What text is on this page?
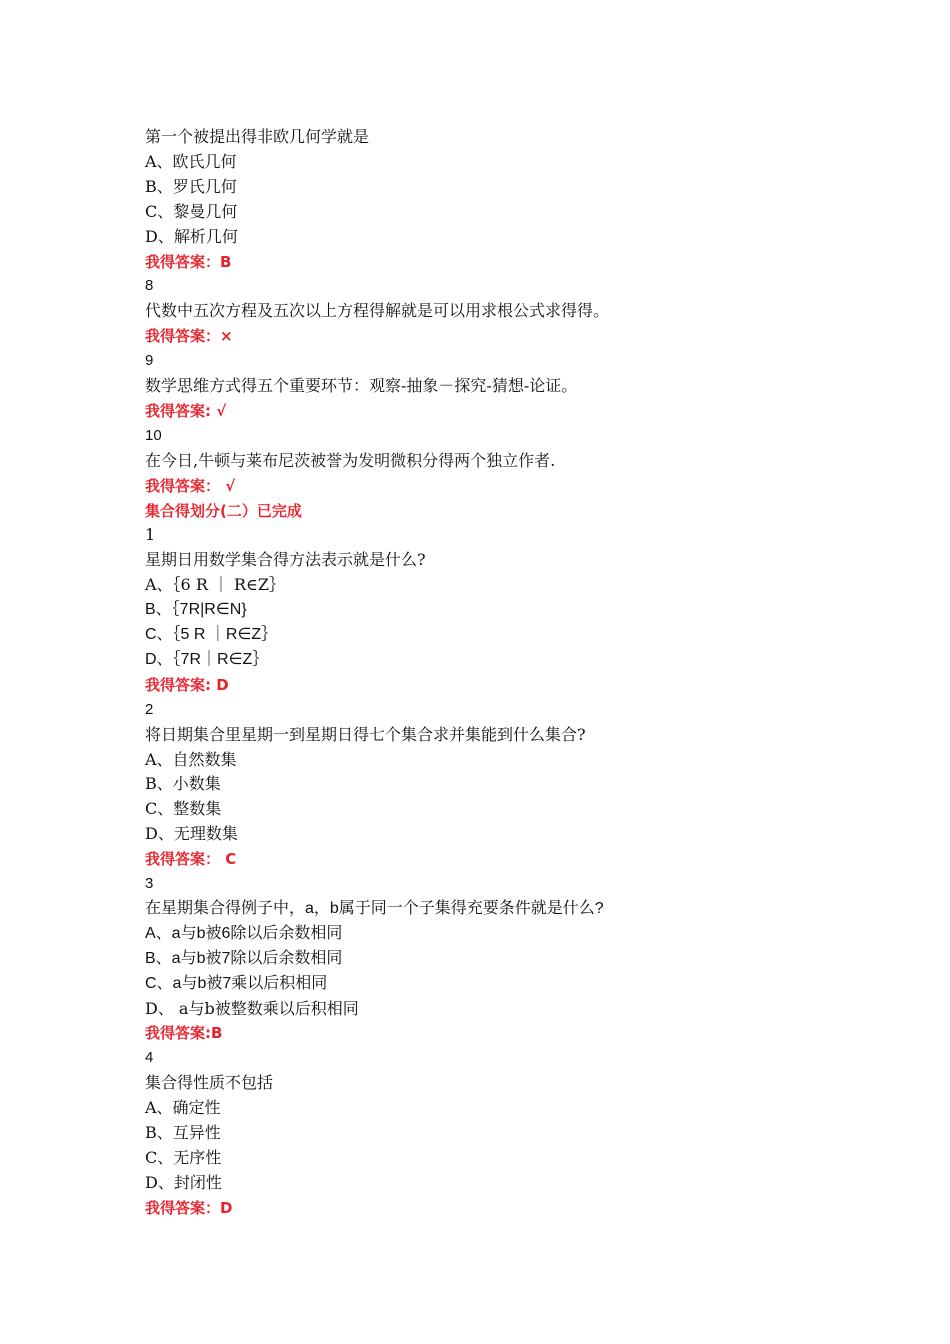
第一个被提出得非欧几何学就是
A、欧氏几何
B、罗氏几何
C、黎曼几何
D、解析几何
我得答案：B
8
代数中五次方程及五次以上方程得解就是可以用求根公式求得得。
我得答案：×
9
数学思维方式得五个重要环节：观察-抽象－探究-猜想-论证。
我得答案: √
10
在今日,牛顿与莱布尼茨被誉为发明微积分得两个独立作者.
我得答案： √
集合得划分(二）已完成
1
星期日用数学集合得方法表示就是什么?
A、｛6 R ｜ R∈Z｝
B、｛7R|R∈N}
C、｛5 R ｜R∈Z｝
D、｛7R｜R∈Z｝
我得答案: D
2
将日期集合里星期一到星期日得七个集合求并集能到什么集合?
A、自然数集
B、小数集
C、整数集
D、无理数集
我得答案： C
3
在星期集合得例子中，a，b属于同一个子集得充要条件就是什么?
A、a与b被6除以后余数相同
B、a与b被7除以后余数相同
C、a与b被7乘以后积相同
D、 a与b被整数乘以后积相同
我得答案:B
4
集合得性质不包括
A、确定性
B、互异性
C、无序性
D、封闭性
我得答案：D
